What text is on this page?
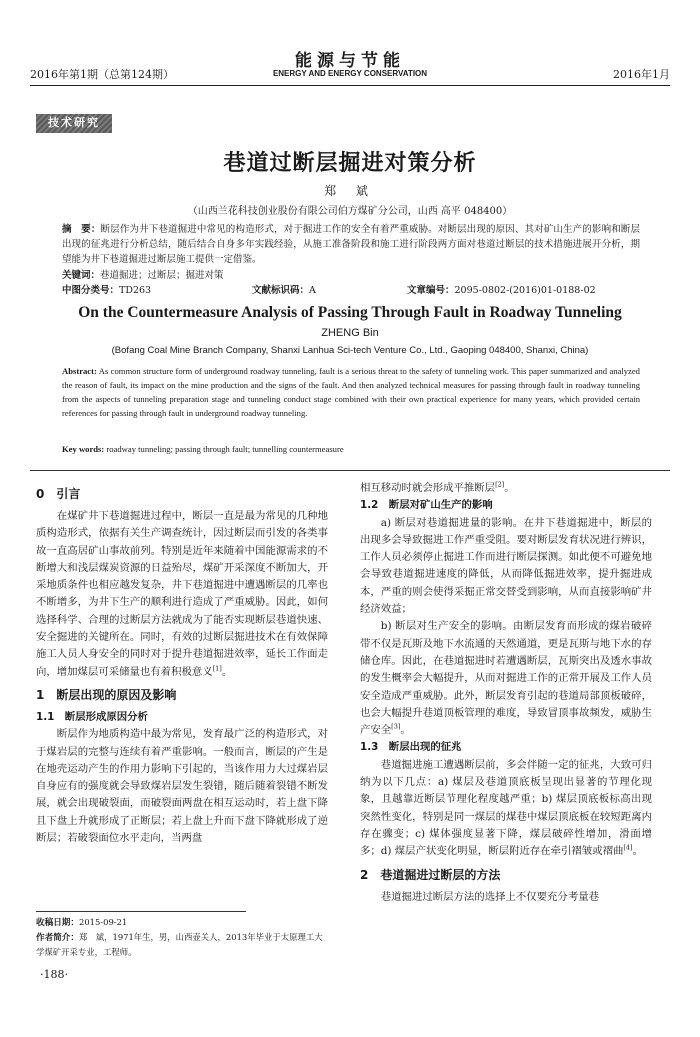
2016年第1期（总第124期）
能源与节能
ENERGY AND ENERGY CONSERVATION	2016年1月
技术研究
巷道过断层掘进对策分析
郑 斌
（山西兰花科技创业股份有限公司伯方煤矿分公司，山西 高平 048400）
摘　要：断层作为井下巷道掘进中常见的构造形式，对于掘进工作的安全有着严重威胁。对断层出现的原因、其对矿山生产的影响和断层出现的征兆进行分析总结，随后结合自身多年实践经验，从施工准备阶段和施工进行阶段两方面对巷道过断层的技术措施进展开分析，期望能为井下巷道掘进过断层施工提供一定借鉴。
关键词：巷道掘进；过断层；掘进对策
中图分类号：TD263	文献标识码：A	文章编号：2095-0802-(2016)01-0188-02
On the Countermeasure Analysis of Passing Through Fault in Roadway Tunneling
ZHENG Bin
(Bofang Coal Mine Branch Company, Shanxi Lanhua Sci-tech Venture Co., Ltd., Gaoping 048400, Shanxi, China)
Abstract: As common structure form of underground roadway tunneling, fault is a serious threat to the safety of tunneling work. This paper summarized and analyzed the reason of fault, its impact on the mine production and the signs of the fault. And then analyzed technical measures for passing through fault in roadway tunneling from the aspects of tunneling preparation stage and tunneling conduct stage combined with their own practical experience for many years, which provided certain references for passing through fault in underground roadway tunneling.
Key words: roadway tunneling; passing through fault; tunnelling countermeasure
0　引言

在煤矿井下巷道掘进过程中，断层一直是最为常见的几种地质构造形式，依据有关生产调查统计，因过断层而引发的各类事故一直高居矿山事故前列。特别是近年来随着中国能源需求的不断增大和浅层煤炭资源的日益殆尽，煤矿开采深度不断加大，开采地质条件也相应越发复杂，井下巷道掘进中遭遇断层的几率也不断增多，为井下生产的顺利进行造成了严重威胁。因此，如何选择科学、合理的过断层方法就成为了能否实现断层巷道快速、安全掘进的关键所在。同时，有效的过断层掘进技术在有效保障施工人员人身安全的同时对于提升巷道掘进效率，延长工作面走向，增加煤层可采储量也有着积极意义[1]。

1　断层出现的原因及影响
1.1　断层形成原因分析

断层作为地质构造中最为常见，发育最广泛的构造形式，对于煤岩层的完整与连续有着严重影响。一般而言，断层的产生是在地壳运动产生的作用力影响下引起的，当该作用力大过煤岩层自身应有的强度就会导致煤岩层发生裂错，随后随着裂错不断发展，就会出现破裂面，而破裂面两盘在相互运动时，若上盘下降且下盘上升就形成了正断层；若上盘上升而下盘下降就形成了逆断层；若破裂面位水平走向，当两盘

相互移动时就会形成平推断层[2]。

1.2　断层对矿山生产的影响

a) 断层对巷道掘进量的影响。在井下巷道掘进中，断层的出现多会导致掘进工作严重受阻。要对断层发育状况进行辨识，工作人员必须停止掘进工作而进行断层探测。如此便不可避免地会导致巷道掘进速度的降低，从而降低掘进效率，提升掘进成本，严重的则会使得采掘正常交替受到影响，从而直接影响矿井经济效益；

b) 断层对生产安全的影响。由断层发育而形成的煤岩破碎带不仅是瓦斯及地下水流通的天然通道，更是瓦斯与地下水的存储仓库。因此，在巷道掘进时若遭遇断层，瓦斯突出及透水事故的发生概率会大幅提升，从而对掘进工作的正常开展及工作人员安全造成严重威胁。此外，断层发育引起的巷道局部顶板破碎，也会大幅提升巷道顶板管理的难度，导致冒顶事故频发，威胁生产安全[3]。

1.3　断层出现的征兆

巷道掘进施工遭遇断层前，多会伴随一定的征兆，大致可归纳为以下几点：a) 煤层及巷道顶底板呈现出显著的节理化现象，且越靠近断层节理化程度越严重；b) 煤层顶底板标高出现突然性变化，特别是同一煤层的煤巷中煤层顶底板在较短距离内存在骤变；c) 煤体强度显著下降，煤层破碎性增加，滑面增多；d) 煤层产状变化明显，断层附近存在牵引褶皱或褶曲[4]。

2　巷道掘进过断层的方法

巷道掘进过断层方法的选择上不仅要充分考量巷

收稿日期：2015-09-21
作者简介：郑　斌，1971年生，男，山西壶关人，2013年毕业于太原理工大学煤矿开采专业，工程师。
·188·
